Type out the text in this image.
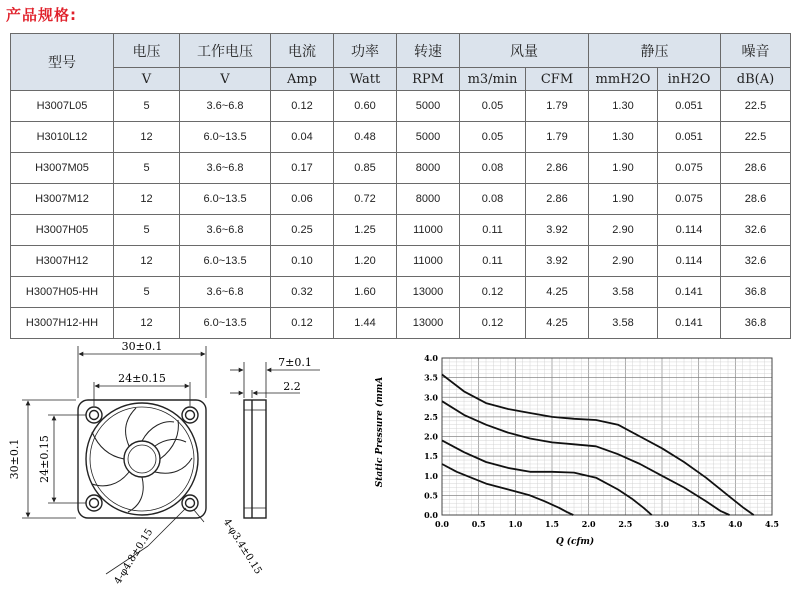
产品规格:
型号	电压	工作电压	电流	功率	转速	风量		静压		噪音
	V	V	Amp	Watt	RPM	m3/min	CFM	mmH2O	inH2O	dB(A)
H3007L05	5	3.6~6.8	0.12	0.60	5000	0.05	1.79	1.30	0.051	22.5
H3010L12	12	6.0~13.5	0.04	0.48	5000	0.05	1.79	1.30	0.051	22.5
H3007M05	5	3.6~6.8	0.17	0.85	8000	0.08	2.86	1.90	0.075	28.6
H3007M12	12	6.0~13.5	0.06	0.72	8000	0.08	2.86	1.90	0.075	28.6
H3007H05	5	3.6~6.8	0.25	1.25	11000	0.11	3.92	2.90	0.114	32.6
H3007H12	12	6.0~13.5	0.10	1.20	11000	0.11	3.92	2.90	0.114	32.6
H3007H05-HH	5	3.6~6.8	0.32	1.60	13000	0.12	4.25	3.58	0.141	36.8
H3007H12-HH	12	6.0~13.5	0.12	1.44	13000	0.12	4.25	3.58	0.141	36.8
30±0.1
24±0.15
30±0.1 24±0.15
4-φ4.8±0.15	4-φ3.4±0.15
7±0.1
2.2
0.0	0.5	1.0	1.5	2.0	2.5	3.0	3.5	4.0	4.5
0.0
0.5
1.0
1.5
2.0
2.5
3.0
3.5
4.0
Q (cfm)
Static Pressure (mmA
